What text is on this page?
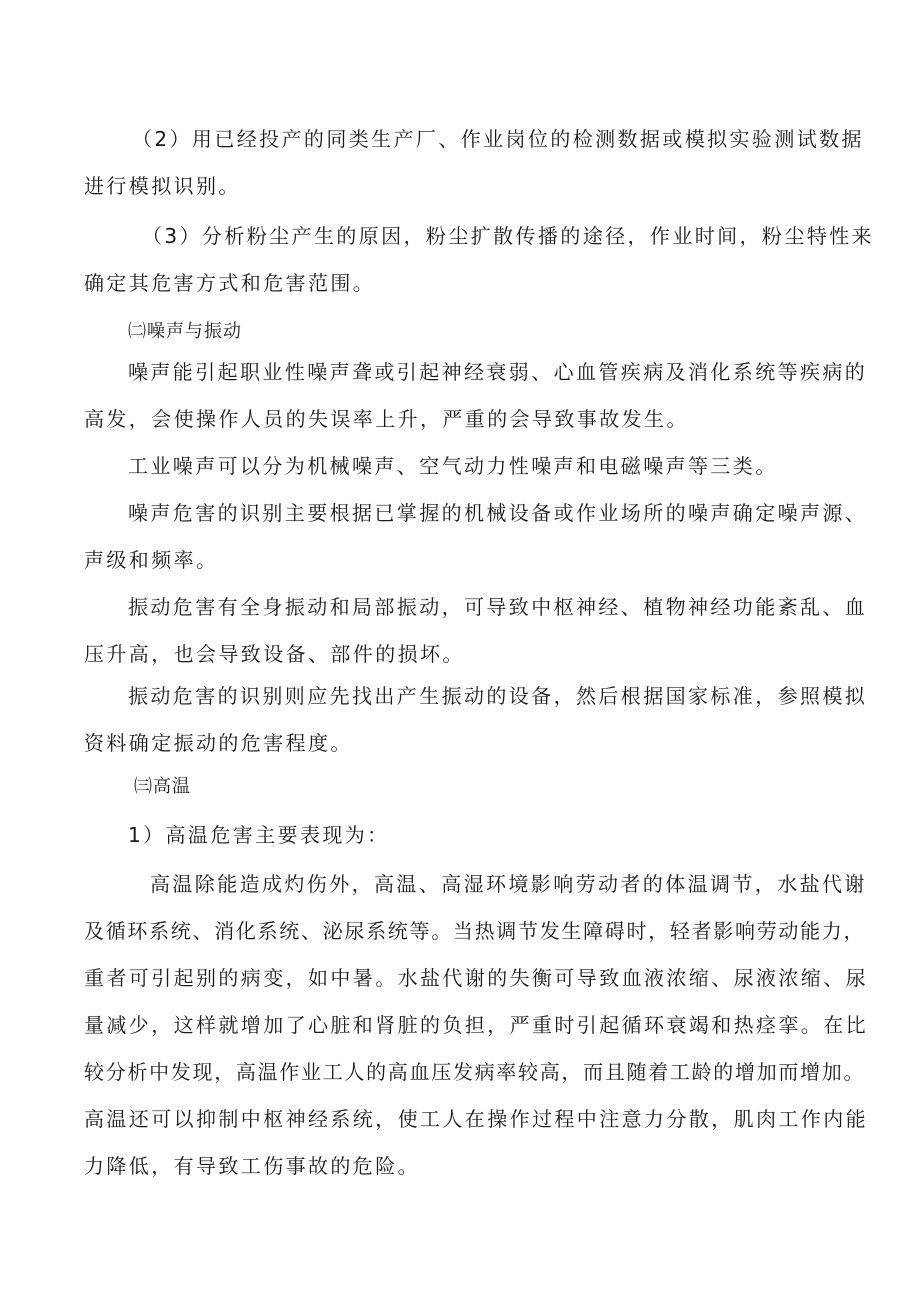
（2）用已经投产的同类生产厂、作业岗位的检测数据或模拟实验测试数据
进行模拟识别。
（3）分析粉尘产生的原因，粉尘扩散传播的途径，作业时间，粉尘特性来
确定其危害方式和危害范围。
㈡噪声与振动
噪声能引起职业性噪声聋或引起神经衰弱、心血管疾病及消化系统等疾病的
高发，会使操作人员的失误率上升，严重的会导致事故发生。
工业噪声可以分为机械噪声、空气动力性噪声和电磁噪声等三类。
噪声危害的识别主要根据已掌握的机械设备或作业场所的噪声确定噪声源、
声级和频率。
振动危害有全身振动和局部振动，可导致中枢神经、植物神经功能紊乱、血
压升高，也会导致设备、部件的损坏。
振动危害的识别则应先找出产生振动的设备，然后根据国家标准，参照模拟
资料确定振动的危害程度。
㈢高温
1）高温危害主要表现为：
高温除能造成灼伤外，高温、高湿环境影响劳动者的体温调节，水盐代谢
及循环系统、消化系统、泌尿系统等。当热调节发生障碍时，轻者影响劳动能力，
重者可引起别的病变，如中暑。水盐代谢的失衡可导致血液浓缩、尿液浓缩、尿
量减少，这样就增加了心脏和肾脏的负担，严重时引起循环衰竭和热痉挛。在比
较分析中发现，高温作业工人的高血压发病率较高，而且随着工龄的增加而增加。
高温还可以抑制中枢神经系统，使工人在操作过程中注意力分散，肌肉工作内能
力降低，有导致工伤事故的危险。
